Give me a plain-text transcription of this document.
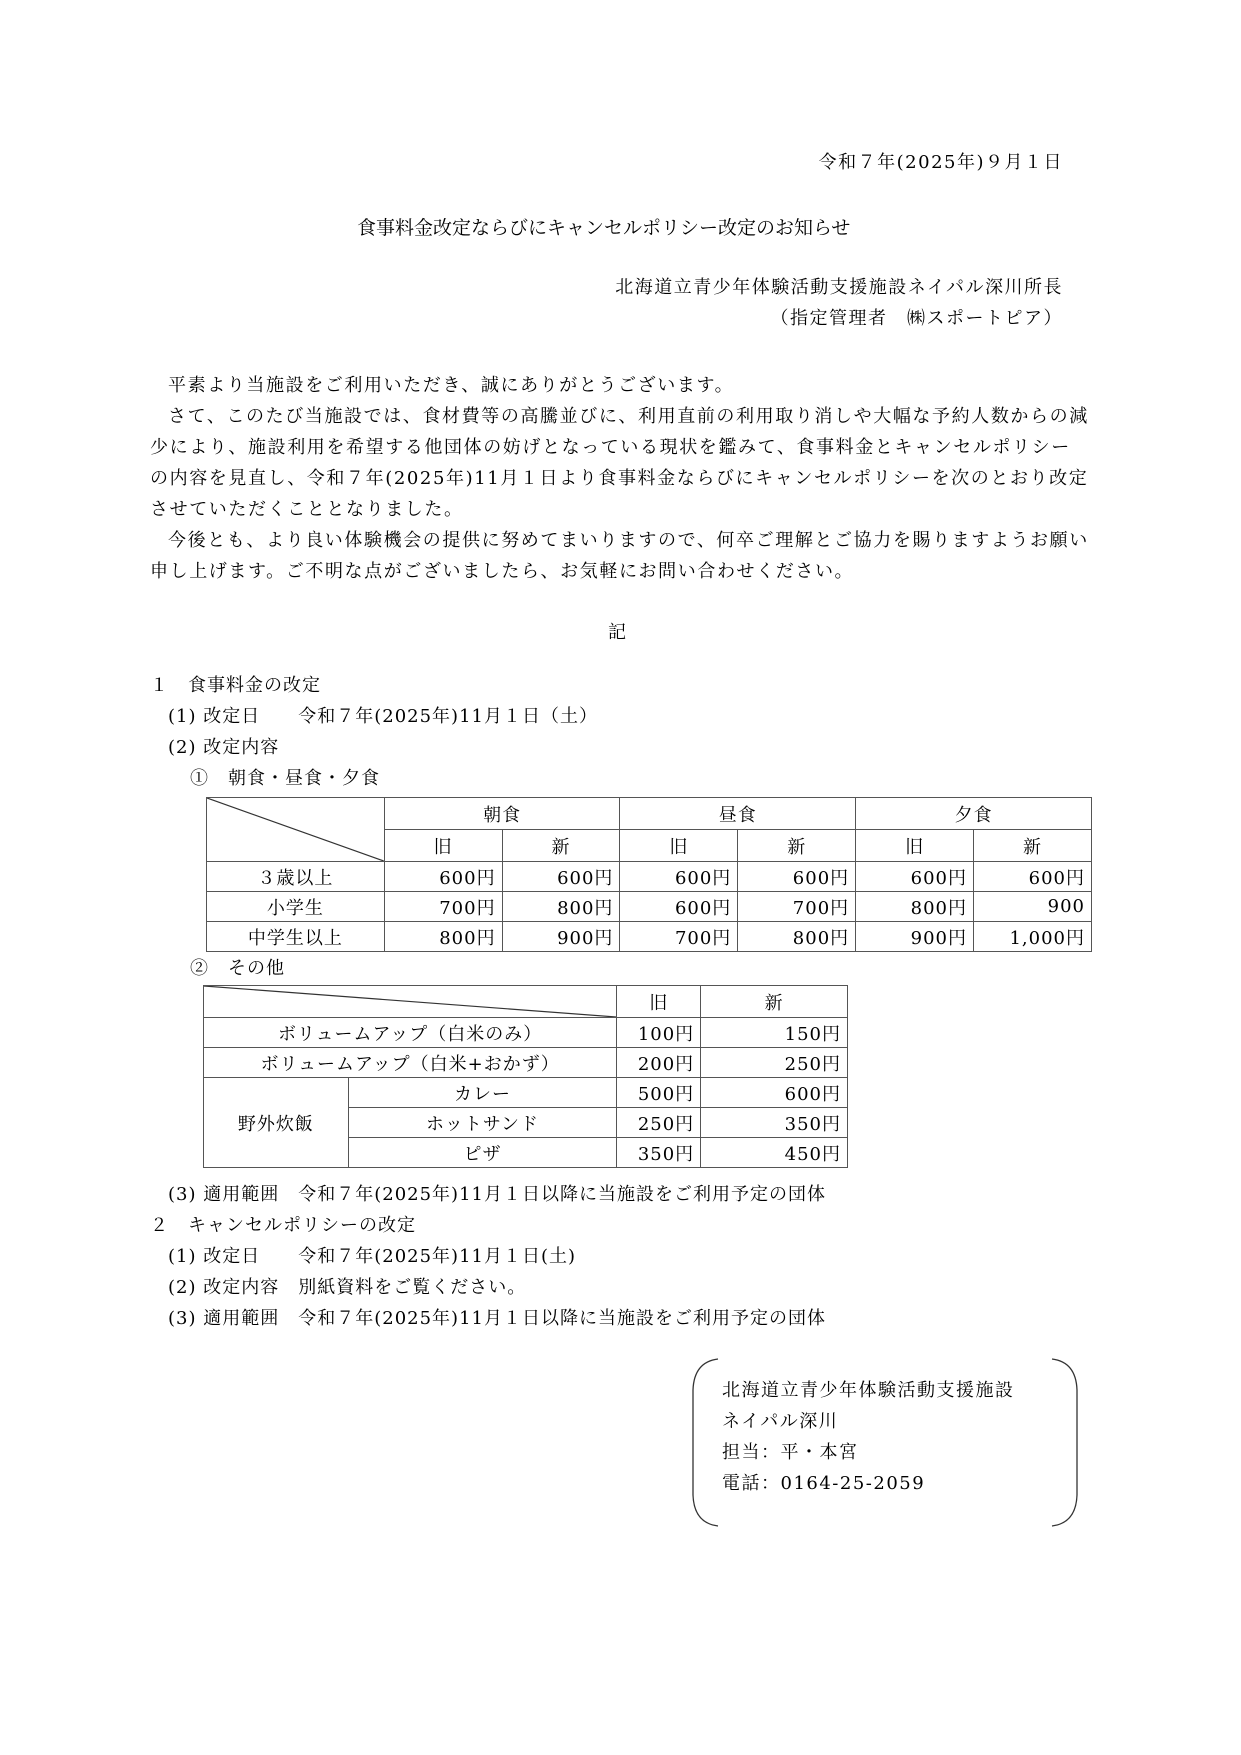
令和７年(2025年)９月１日
食事料金改定ならびにキャンセルポリシー改定のお知らせ
北海道立青少年体験活動支援施設ネイパル深川所長
（指定管理者　㈱スポートピア）
平素より当施設をご利用いただき、誠にありがとうございます。
さて、このたび当施設では、食材費等の高騰並びに、利用直前の利用取り消しや大幅な予約人数からの減少により、施設利用を希望する他団体の妨げとなっている現状を鑑みて、食事料金とキャンセルポリシーの内容を見直し、令和７年(2025年)11月１日より食事料金ならびにキャンセルポリシーを次のとおり改定させていただくこととなりました。
今後とも、より良い体験機会の提供に努めてまいりますので、何卒ご理解とご協力を賜りますようお願い申し上げます。ご不明な点がございましたら、お気軽にお問い合わせください。
記
１　食事料金の改定
(1) 改定日　　令和７年(2025年)11月１日（土）
(2) 改定内容
①　朝食・昼食・夕食
	朝食		昼食		夕食	
	旧	新	旧	新	旧	新
３歳以上	600円	600円	600円	600円	600円	600円
小学生	700円	800円	600円	700円	800円	900
中学生以上	800円	900円	700円	800円	900円	1,000円
②　その他
	旧	新
ボリュームアップ（白米のみ）		100円	150円
ボリュームアップ（白米+おかず）		200円	250円
野外炊飯	カレー	500円	600円
	ホットサンド	250円	350円
	ピザ	350円	450円
(3) 適用範囲　令和７年(2025年)11月１日以降に当施設をご利用予定の団体
２　キャンセルポリシーの改定
(1) 改定日　　令和７年(2025年)11月１日(土)
(2) 改定内容　別紙資料をご覧ください。
(3) 適用範囲　令和７年(2025年)11月１日以降に当施設をご利用予定の団体
北海道立青少年体験活動支援施設
ネイパル深川
担当：平・本宮
電話：0164-25-2059
